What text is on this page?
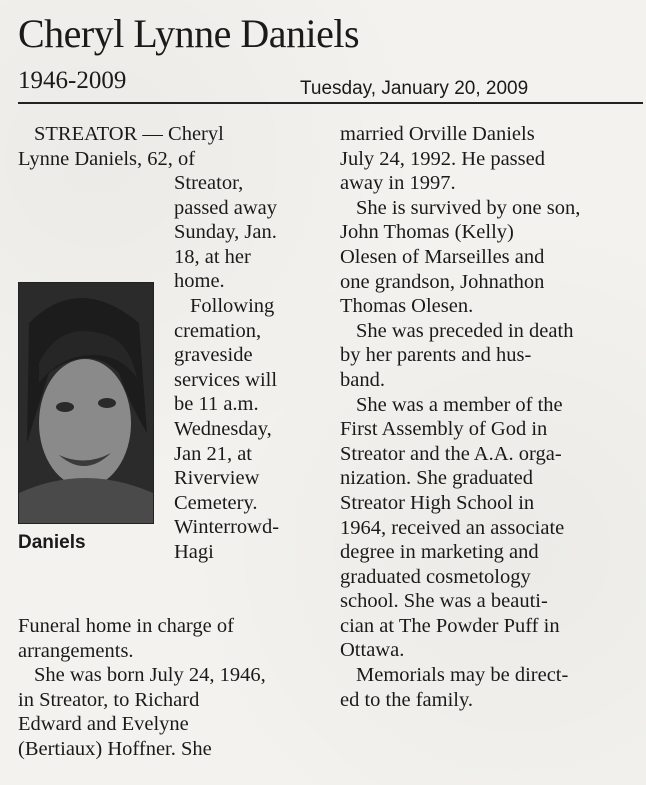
Cheryl Lynne Daniels
1946-2009	Tuesday, January 20, 2009
STREATOR — Cheryl
Lynne Daniels, 62, of
Streator,
passed away
Sunday, Jan.
18, at her
home.
Following
cremation,
graveside
services will
be 11 a.m.
Wednesday,
Jan 21, at
Riverview
Cemetery.
Winterrowd-
Hagi
Daniels
Funeral home in charge of
arrangements.
She was born July 24, 1946,
in Streator, to Richard
Edward and Evelyne
(Bertiaux) Hoffner. She
married Orville Daniels
July 24, 1992. He passed
away in 1997.
She is survived by one son,
John Thomas (Kelly)
Olesen of Marseilles and
one grandson, Johnathon
Thomas Olesen.
She was preceded in death
by her parents and hus-
band.
She was a member of the
First Assembly of God in
Streator and the A.A. orga-
nization. She graduated
Streator High School in
1964, received an associate
degree in marketing and
graduated cosmetology
school. She was a beauti-
cian at The Powder Puff in
Ottawa.
Memorials may be direct-
ed to the family.
